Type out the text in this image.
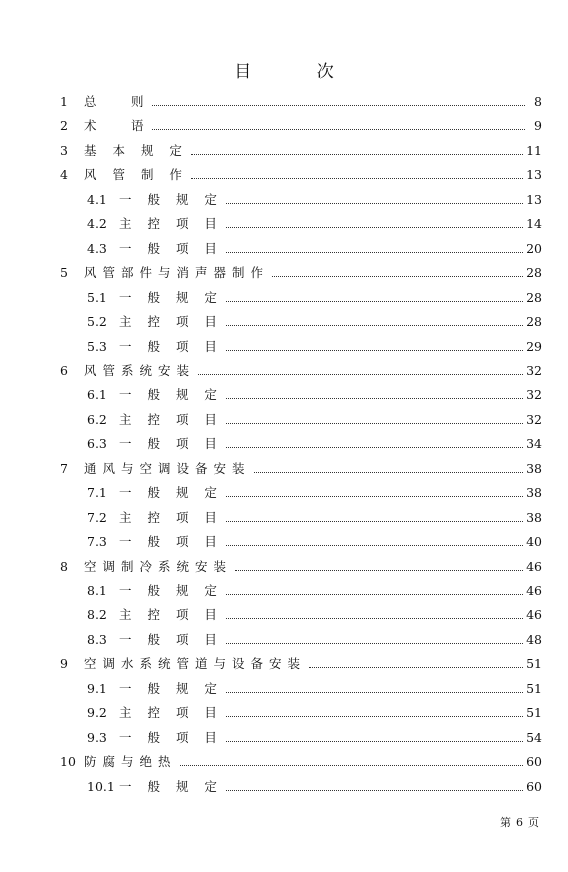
目 次
1	总　 则	8
2	术　 语	9
3	基 本 规 定	11
4	风 管 制 作	13
4.1 一 般 规 定	13
4.2 主 控 项 目	14
4.3 一 般 项 目	20
5	风管部件与消声器制作	28
5.1 一 般 规 定	28
5.2 主 控 项 目	28
5.3 一 般 项 目	29
6	风管系统安装	32
6.1 一 般 规 定	32
6.2 主 控 项 目	32
6.3 一 般 项 目	34
7	通风与空调设备安装	38
7.1 一 般 规 定	38
7.2 主 控 项 目	38
7.3 一 般 项 目	40
8	空调制冷系统安装	46
8.1 一 般 规 定	46
8.2 主 控 项 目	46
8.3 一 般 项 目	48
9	空调水系统管道与设备安装	51
9.1 一 般 规 定	51
9.2 主 控 项 目	51
9.3 一 般 项 目	54
10 防腐与绝热	60
10.1 一 般 规 定	60
第 6 页
